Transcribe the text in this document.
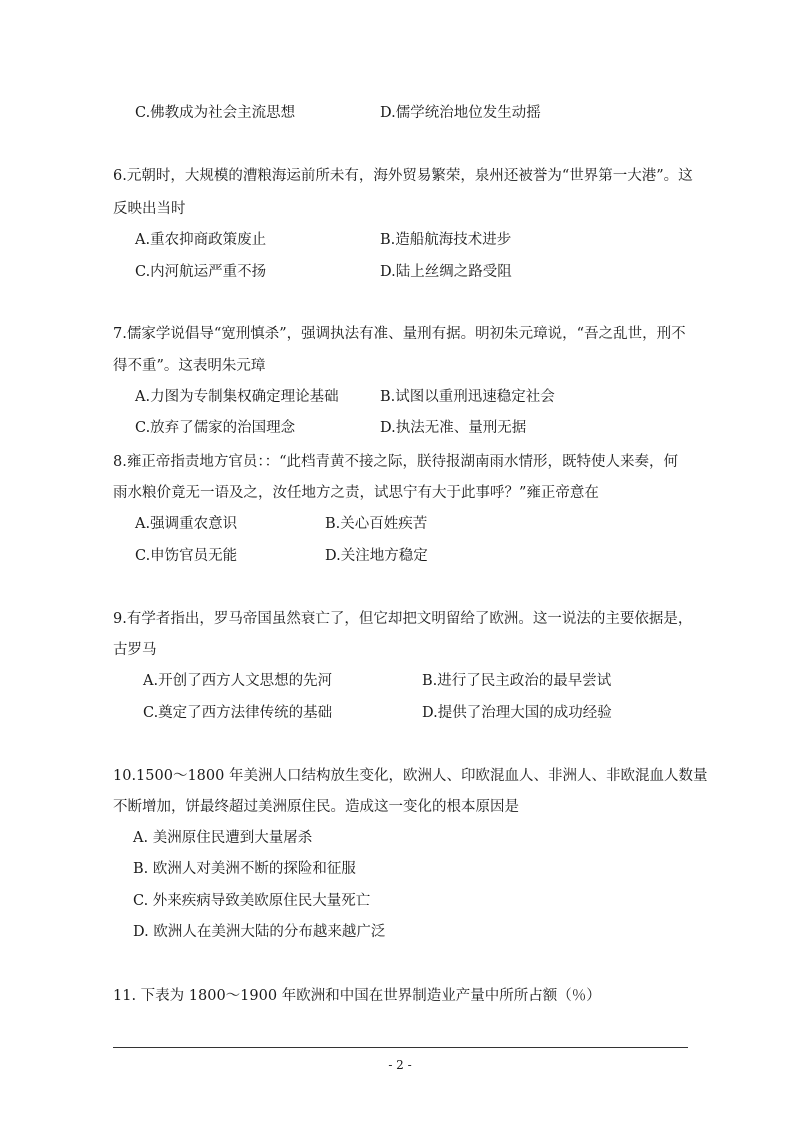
C.佛教成为社会主流思想	D.儒学统治地位发生动摇
6.元朝时，大规模的漕粮海运前所未有，海外贸易繁荣，泉州还被誉为“世界第一大港”。这
反映出当时
A.重农抑商政策废止	B.造船航海技术进步
C.内河航运严重不扬	D.陆上丝绸之路受阻
7.儒家学说倡导“宽刑慎杀”，强调执法有准、量刑有据。明初朱元璋说，“吾之乱世，刑不
得不重”。这表明朱元璋
A.力图为专制集权确定理论基础	B.试图以重刑迅速稳定社会
C.放弃了儒家的治国理念	D.执法无准、量刑无据
8.雍正帝指责地方官员：：“此档青黄不接之际，朕待报湖南雨水情形，既特使人来奏，何
雨水粮价竟无一语及之，汝任地方之责，试思宁有大于此事呼？”雍正帝意在
A.强调重农意识	B.关心百姓疾苦
C.申饬官员无能	D.关注地方稳定
9.有学者指出，罗马帝国虽然衰亡了，但它却把文明留给了欧洲。这一说法的主要依据是，
古罗马
A.开创了西方人文思想的先河	B.进行了民主政治的最早尝试
C.奠定了西方法律传统的基础	D.提供了治理大国的成功经验
10.1500～1800 年美洲人口结构放生变化，欧洲人、印欧混血人、非洲人、非欧混血人数量
不断增加，饼最终超过美洲原住民。造成这一变化的根本原因是
A. 美洲原住民遭到大量屠杀
B. 欧洲人对美洲不断的探险和征服
C. 外来疾病导致美欧原住民大量死亡
D. 欧洲人在美洲大陆的分布越来越广泛
11. 下表为 1800～1900 年欧洲和中国在世界制造业产量中所所占额（％）
- 2 -
